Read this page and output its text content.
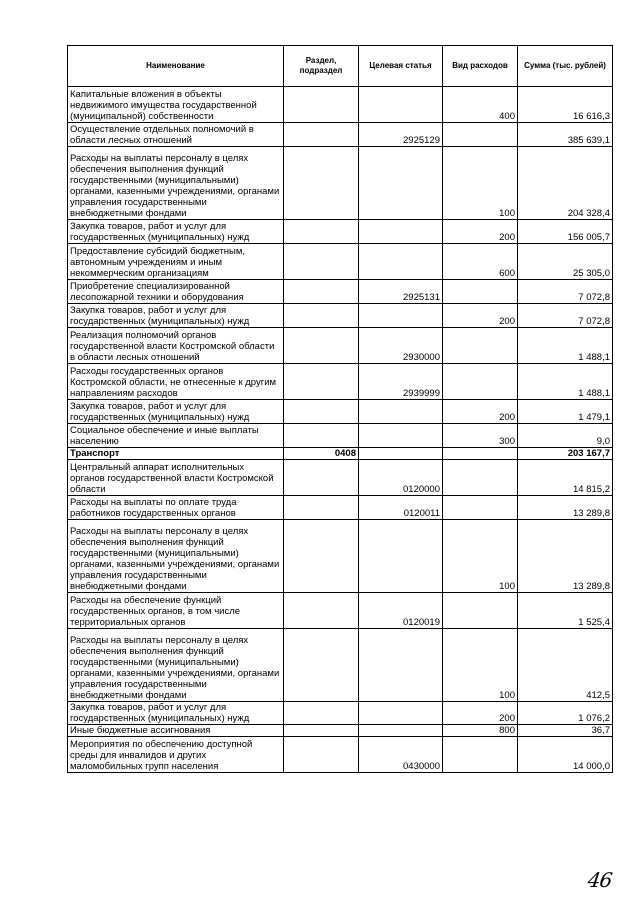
Наименование	Раздел, подраздел	Целевая статья	Вид расходов	Сумма (тыс. рублей)
Капитальные вложения в объекты недвижимого имущества государственной (муниципальной) собственности			400	16 616,3
Осуществление отдельных полномочий в области лесных отношений		2925129		385 639,1
Расходы на выплаты персоналу в целях обеспечения выполнения функций государственными (муниципальными) органами, казенными учреждениями, органами управления государственными внебюджетными фондами			100	204 328,4
Закупка товаров, работ и услуг для государственных (муниципальных) нужд			200	156 005,7
Предоставление субсидий бюджетным, автономным учреждениям и иным некоммерческим организациям			600	25 305,0
Приобретение специализированной лесопожарной техники и оборудования		2925131		7 072,8
Закупка товаров, работ и услуг для государственных (муниципальных) нужд			200	7 072,8
Реализация полномочий органов государственной власти Костромской области в области лесных отношений		2930000		1 488,1
Расходы государственных органов Костромской области, не отнесенные к другим направлениям расходов		2939999		1 488,1
Закупка товаров, работ и услуг для государственных (муниципальных) нужд			200	1 479,1
Социальное обеспечение и иные выплаты населению			300	9,0
Транспорт	0408			203 167,7
Центральный аппарат исполнительных органов государственной власти Костромской области		0120000		14 815,2
Расходы на выплаты по оплате труда работников государственных органов		0120011		13 289,8
Расходы на выплаты персоналу в целях обеспечения выполнения функций государственными (муниципальными) органами, казенными учреждениями, органами управления государственными внебюджетными фондами			100	13 289,8
Расходы на обеспечение функций государственных органов, в том числе территориальных органов		0120019		1 525,4
Расходы на выплаты персоналу в целях обеспечения выполнения функций государственными (муниципальными) органами, казенными учреждениями, органами управления государственными внебюджетными фондами			100	412,5
Закупка товаров, работ и услуг для государственных (муниципальных) нужд			200	1 076,2
Иные бюджетные ассигнования			800	36,7
Мероприятия по обеспечению доступной среды для инвалидов и других маломобильных групп населения		0430000		14 000,0
46
